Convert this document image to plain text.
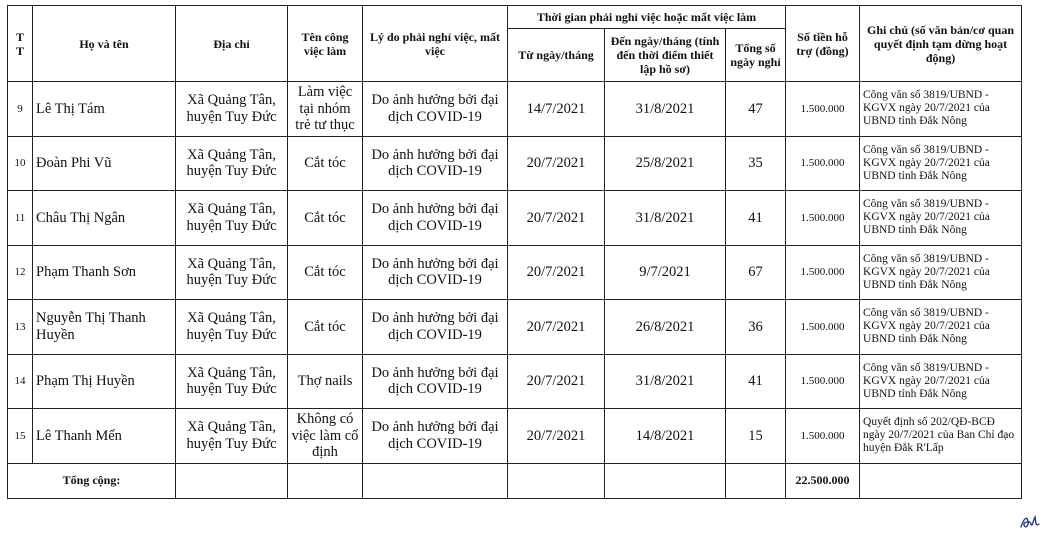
T T	Họ và tên	Địa chỉ	Tên công việc làm	Lý do phải nghỉ việc, mất việc	Thời gian phải nghỉ việc hoặc mất việc làm			Số tiền hỗ trợ (đồng)	Ghi chú (số văn bản/cơ quan quyết định tạm dừng hoạt động)
					Từ ngày/tháng	Đến ngày/tháng (tính đến thời điểm thiết lập hồ sơ)	Tổng số ngày nghỉ		
9	Lê Thị Tám	Xã Quảng Tân, huyện Tuy Đức	Làm việc tại nhóm trẻ tư thục	Do ảnh hưởng bởi đại dịch COVID-19	14/7/2021	31/8/2021	47	1.500.000	Công văn số 3819/UBND - KGVX ngày 20/7/2021 của UBND tỉnh Đắk Nông
10	Đoàn Phi Vũ	Xã Quảng Tân, huyện Tuy Đức	Cắt tóc	Do ảnh hưởng bởi đại dịch COVID-19	20/7/2021	25/8/2021	35	1.500.000	Công văn số 3819/UBND - KGVX ngày 20/7/2021 của UBND tỉnh Đắk Nông
11	Châu Thị Ngân	Xã Quảng Tân, huyện Tuy Đức	Cắt tóc	Do ảnh hưởng bởi đại dịch COVID-19	20/7/2021	31/8/2021	41	1.500.000	Công văn số 3819/UBND - KGVX ngày 20/7/2021 của UBND tỉnh Đắk Nông
12	Phạm Thanh Sơn	Xã Quảng Tân, huyện Tuy Đức	Cắt tóc	Do ảnh hưởng bởi đại dịch COVID-19	20/7/2021	9/7/2021	67	1.500.000	Công văn số 3819/UBND - KGVX ngày 20/7/2021 của UBND tỉnh Đắk Nông
13	Nguyễn Thị Thanh Huyền	Xã Quảng Tân, huyện Tuy Đức	Cắt tóc	Do ảnh hưởng bởi đại dịch COVID-19	20/7/2021	26/8/2021	36	1.500.000	Công văn số 3819/UBND - KGVX ngày 20/7/2021 của UBND tỉnh Đắk Nông
14	Phạm Thị Huyền	Xã Quảng Tân, huyện Tuy Đức	Thợ nails	Do ảnh hưởng bởi đại dịch COVID-19	20/7/2021	31/8/2021	41	1.500.000	Công văn số 3819/UBND - KGVX ngày 20/7/2021 của UBND tỉnh Đắk Nông
15	Lê Thanh Mến	Xã Quảng Tân, huyện Tuy Đức	Không có việc làm cố định	Do ảnh hưởng bởi đại dịch COVID-19	20/7/2021	14/8/2021	15	1.500.000	Quyết định số 202/QĐ-BCĐ ngày 20/7/2021 của Ban Chỉ đạo huyện Đắk R'Lấp
Tổng cộng:								22.500.000	
